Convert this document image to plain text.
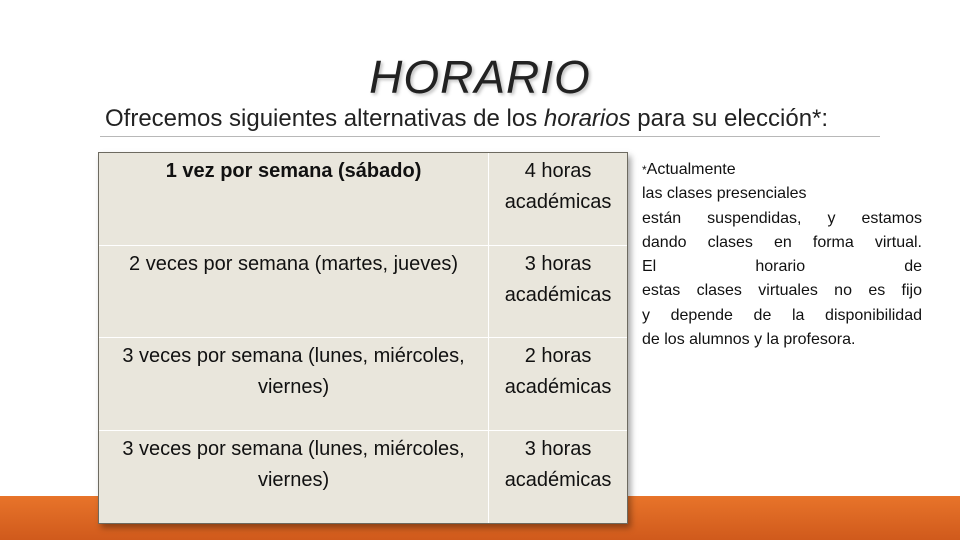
HORARIO
Ofrecemos siguientes alternativas de los horarios para su elección*:
1 vez por semana (sábado)	4 horas académicas
2 veces por semana (martes, jueves)	3 horas académicas
3 veces por semana (lunes, miércoles, viernes)	2 horas académicas
3 veces por semana (lunes, miércoles, viernes)	3 horas académicas
*Actualmente
las clases presenciales
están suspendidas, y estamos
dando clases en forma virtual.
El horario de
estas clases virtuales no es fijo
y depende de la disponibilidad
de los alumnos y la profesora.
